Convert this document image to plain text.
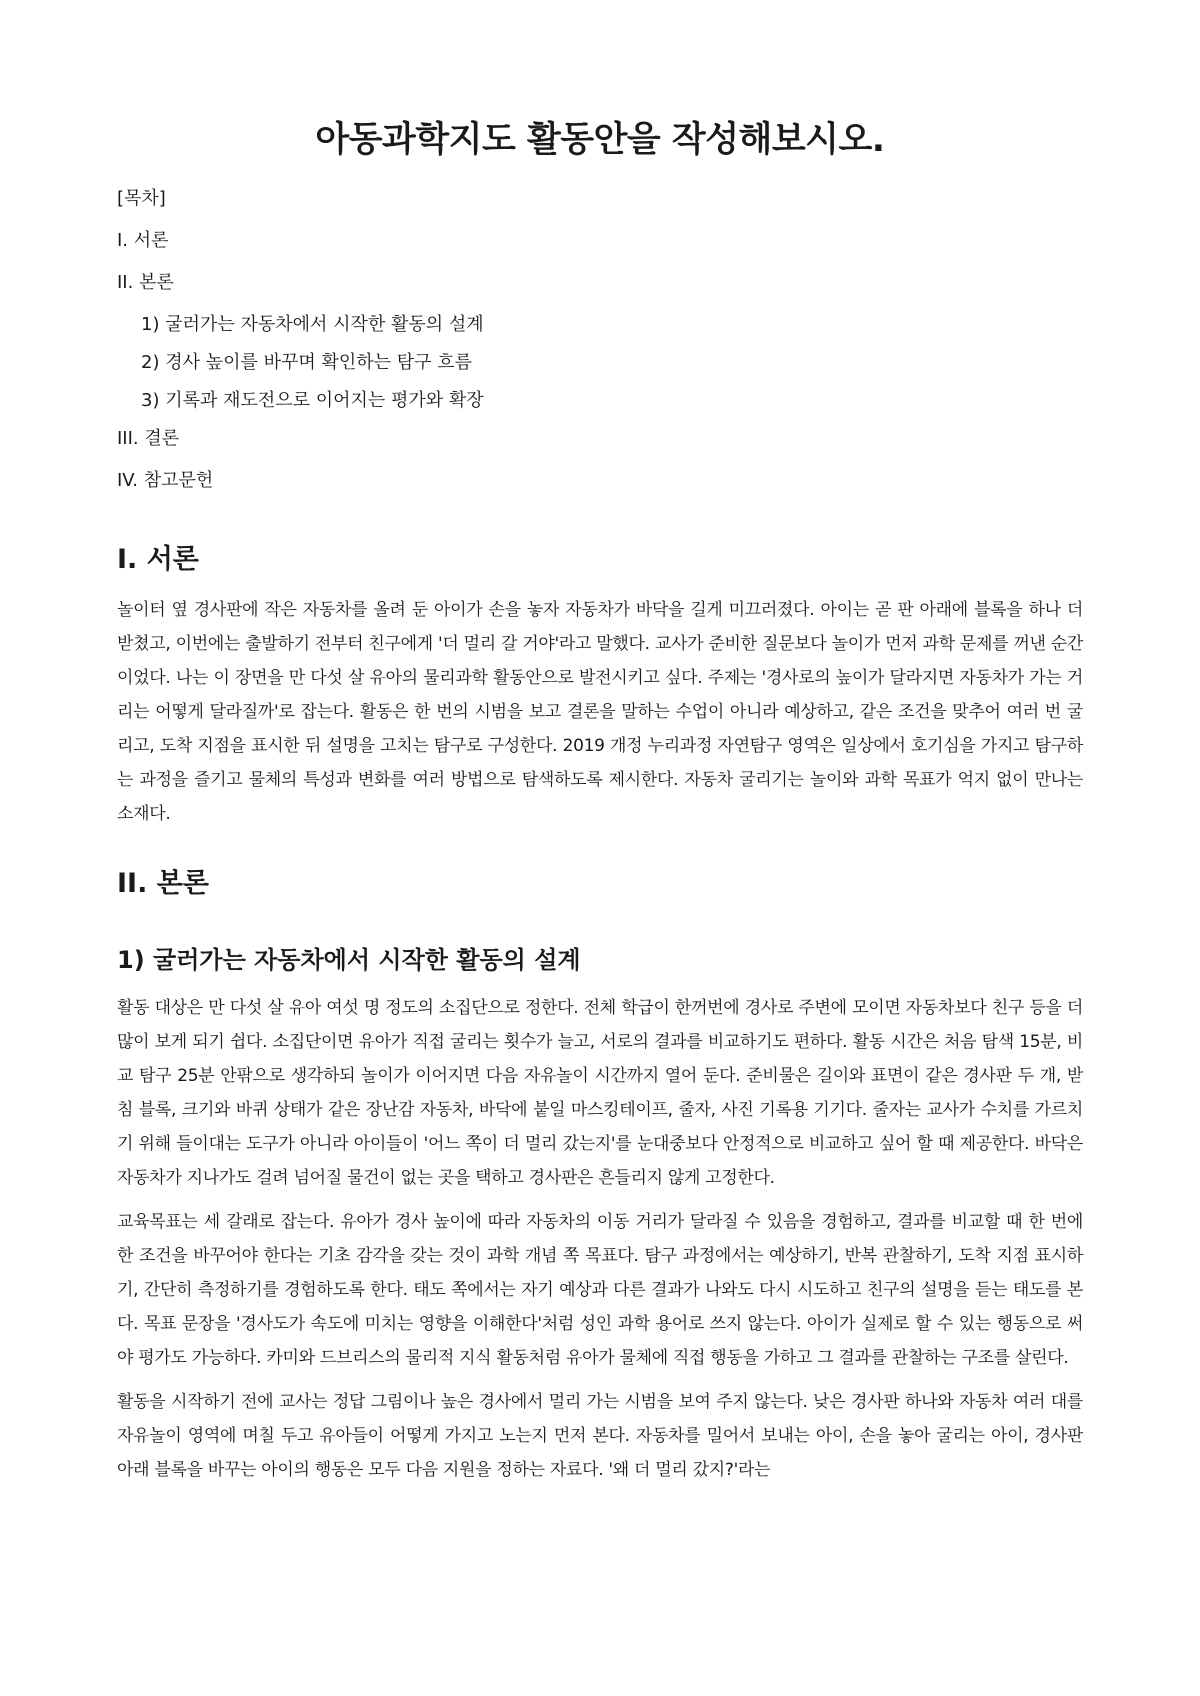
아동과학지도 활동안을 작성해보시오.
[목차]
I. 서론
II. 본론
1) 굴러가는 자동차에서 시작한 활동의 설계
2) 경사 높이를 바꾸며 확인하는 탐구 흐름
3) 기록과 재도전으로 이어지는 평가와 확장
III. 결론
IV. 참고문헌
I. 서론

놀이터 옆 경사판에 작은 자동차를 올려 둔 아이가 손을 놓자 자동차가 바닥을 길게 미끄러졌다. 아이는 곧 판 아래에 블록을 하나 더 받쳤고, 이번에는 출발하기 전부터 친구에게 '더 멀리 갈 거야'라고 말했다. 교사가 준비한 질문보다 놀이가 먼저 과학 문제를 꺼낸 순간이었다. 나는 이 장면을 만 다섯 살 유아의 물리과학 활동안으로 발전시키고 싶다. 주제는 '경사로의 높이가 달라지면 자동차가 가는 거리는 어떻게 달라질까'로 잡는다. 활동은 한 번의 시범을 보고 결론을 말하는 수업이 아니라 예상하고, 같은 조건을 맞추어 여러 번 굴리고, 도착 지점을 표시한 뒤 설명을 고치는 탐구로 구성한다. 2019 개정 누리과정 자연탐구 영역은 일상에서 호기심을 가지고 탐구하는 과정을 즐기고 물체의 특성과 변화를 여러 방법으로 탐색하도록 제시한다. 자동차 굴리기는 놀이와 과학 목표가 억지 없이 만나는 소재다.

II. 본론
1) 굴러가는 자동차에서 시작한 활동의 설계

활동 대상은 만 다섯 살 유아 여섯 명 정도의 소집단으로 정한다. 전체 학급이 한꺼번에 경사로 주변에 모이면 자동차보다 친구 등을 더 많이 보게 되기 쉽다. 소집단이면 유아가 직접 굴리는 횟수가 늘고, 서로의 결과를 비교하기도 편하다. 활동 시간은 처음 탐색 15분, 비교 탐구 25분 안팎으로 생각하되 놀이가 이어지면 다음 자유놀이 시간까지 열어 둔다. 준비물은 길이와 표면이 같은 경사판 두 개, 받침 블록, 크기와 바퀴 상태가 같은 장난감 자동차, 바닥에 붙일 마스킹테이프, 줄자, 사진 기록용 기기다. 줄자는 교사가 수치를 가르치기 위해 들이대는 도구가 아니라 아이들이 '어느 쪽이 더 멀리 갔는지'를 눈대중보다 안정적으로 비교하고 싶어 할 때 제공한다. 바닥은 자동차가 지나가도 걸려 넘어질 물건이 없는 곳을 택하고 경사판은 흔들리지 않게 고정한다.

교육목표는 세 갈래로 잡는다. 유아가 경사 높이에 따라 자동차의 이동 거리가 달라질 수 있음을 경험하고, 결과를 비교할 때 한 번에 한 조건을 바꾸어야 한다는 기초 감각을 갖는 것이 과학 개념 쪽 목표다. 탐구 과정에서는 예상하기, 반복 관찰하기, 도착 지점 표시하기, 간단히 측정하기를 경험하도록 한다. 태도 쪽에서는 자기 예상과 다른 결과가 나와도 다시 시도하고 친구의 설명을 듣는 태도를 본다. 목표 문장을 '경사도가 속도에 미치는 영향을 이해한다'처럼 성인 과학 용어로 쓰지 않는다. 아이가 실제로 할 수 있는 행동으로 써야 평가도 가능하다. 카미와 드브리스의 물리적 지식 활동처럼 유아가 물체에 직접 행동을 가하고 그 결과를 관찰하는 구조를 살린다.

활동을 시작하기 전에 교사는 정답 그림이나 높은 경사에서 멀리 가는 시범을 보여 주지 않는다. 낮은 경사판 하나와 자동차 여러 대를 자유놀이 영역에 며칠 두고 유아들이 어떻게 가지고 노는지 먼저 본다. 자동차를 밀어서 보내는 아이, 손을 놓아 굴리는 아이, 경사판 아래 블록을 바꾸는 아이의 행동은 모두 다음 지원을 정하는 자료다. '왜 더 멀리 갔지?'라는
